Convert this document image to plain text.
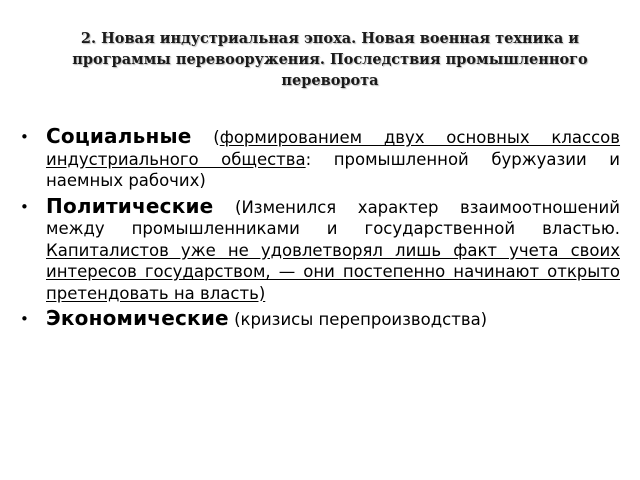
2. Новая индустриальная эпоха. Новая военная техника и программы перевооружения. Последствия промышленного переворота
• Социальные (формированием двух основных классов индустриального общества: промышленной буржуазии и наемных рабочих)
• Политические (Изменился характер взаимоотношений между промышленниками и государственной властью. Капиталистов уже не удовлетворял лишь факт учета своих интересов государством, — они постепенно начинают открыто претендовать на власть)
• Экономические (кризисы перепроизводства)
